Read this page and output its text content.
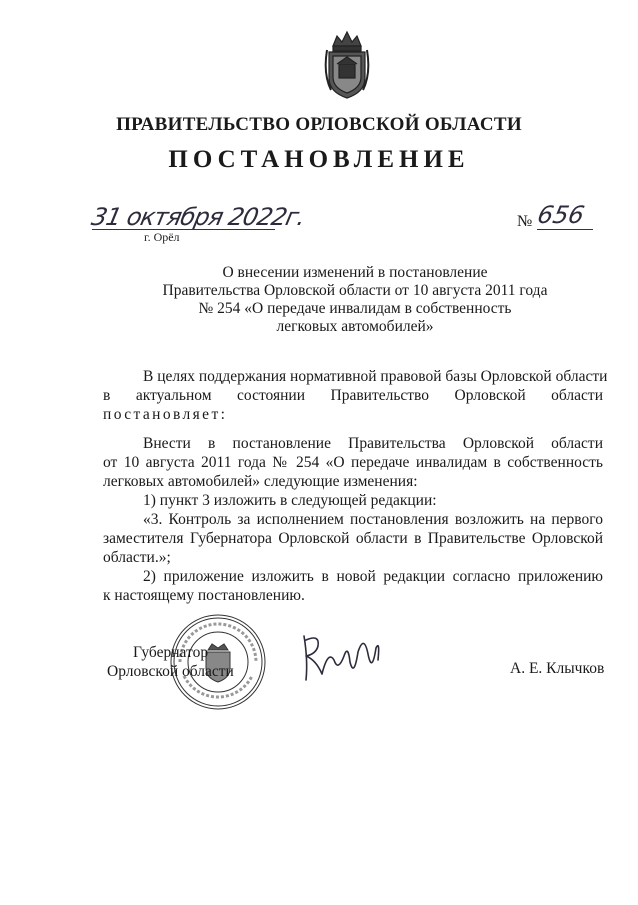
ПРАВИТЕЛЬСТВО ОРЛОВСКОЙ ОБЛАСТИ
ПОСТАНОВЛЕНИЕ
31 октября 2022г.
г. Орёл
№ 656
О внесении изменений в постановление
Правительства Орловской области от 10 августа 2011 года
№ 254 «О передаче инвалидам в собственность
легковых автомобилей»
В целях поддержания нормативной правовой базы Орловской области
в актуальном состоянии Правительство Орловской области
постановляет:
Внести в постановление Правительства Орловской области
от 10 августа 2011 года № 254 «О передаче инвалидам в собственность
легковых автомобилей» следующие изменения:
1) пункт 3 изложить в следующей редакции:
«3. Контроль за исполнением постановления возложить на первого
заместителя Губернатора Орловской области в Правительстве Орловской
области.»;
2) приложение изложить в новой редакции согласно приложению
к настоящему постановлению.
Губернатор
Орловской области	А. Е. Клычков
